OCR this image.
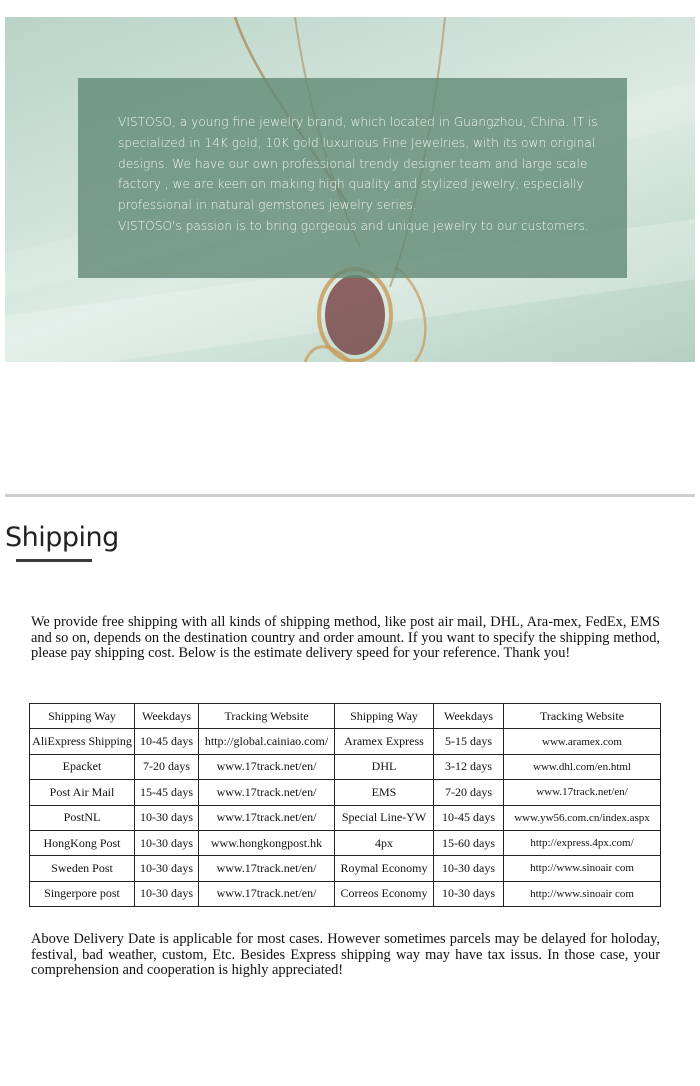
VISTOSO, a young fine jewelry brand, which located in Guangzhou, China. IT is specialized in 14K gold, 10K gold luxurious Fine Jewelries, with its own original designs. We have our own professional trendy designer team and large scale factory , we are keen on making high quality and stylized jewelry, especially professional in natural gemstones jewelry series.

VISTOSO's passion is to bring gorgeous and unique jewelry to our customers.

Shipping

We provide free shipping with all kinds of shipping method, like post air mail, DHL, Ara-mex, FedEx, EMS and so on, depends on the destination country and order amount. If you want to specify the shipping method, please pay shipping cost. Below is the estimate delivery speed for your reference. Thank you!

Shipping Way	Weekdays	Tracking Website	Shipping Way	Weekdays	Tracking Website
AliExpress Shipping	10-45 days	http://global.cainiao.com/	Aramex Express	5-15 days	www.aramex.com
Epacket	7-20 days	www.17track.net/en/	DHL	3-12 days	www.dhl.com/en.html
Post Air Mail	15-45 days	www.17track.net/en/	EMS	7-20 days	www.17track.net/en/
PostNL	10-30 days	www.17track.net/en/	Special Line-YW	10-45 days	www.yw56.com.cn/index.aspx
HongKong Post	10-30 days	www.hongkongpost.hk	4px	15-60 days	http://express.4px.com/
Sweden Post	10-30 days	www.17track.net/en/	Roymal Economy	10-30 days	http://www.sinoair com
Singerpore post	10-30 days	www.17track.net/en/	Correos Economy	10-30 days	http://www.sinoair com

Above Delivery Date is applicable for most cases. However sometimes parcels may be delayed for holoday, festival, bad weather, custom, Etc. Besides Express shipping way may have tax issus. In those case, your comprehension and cooperation is highly appreciated!
